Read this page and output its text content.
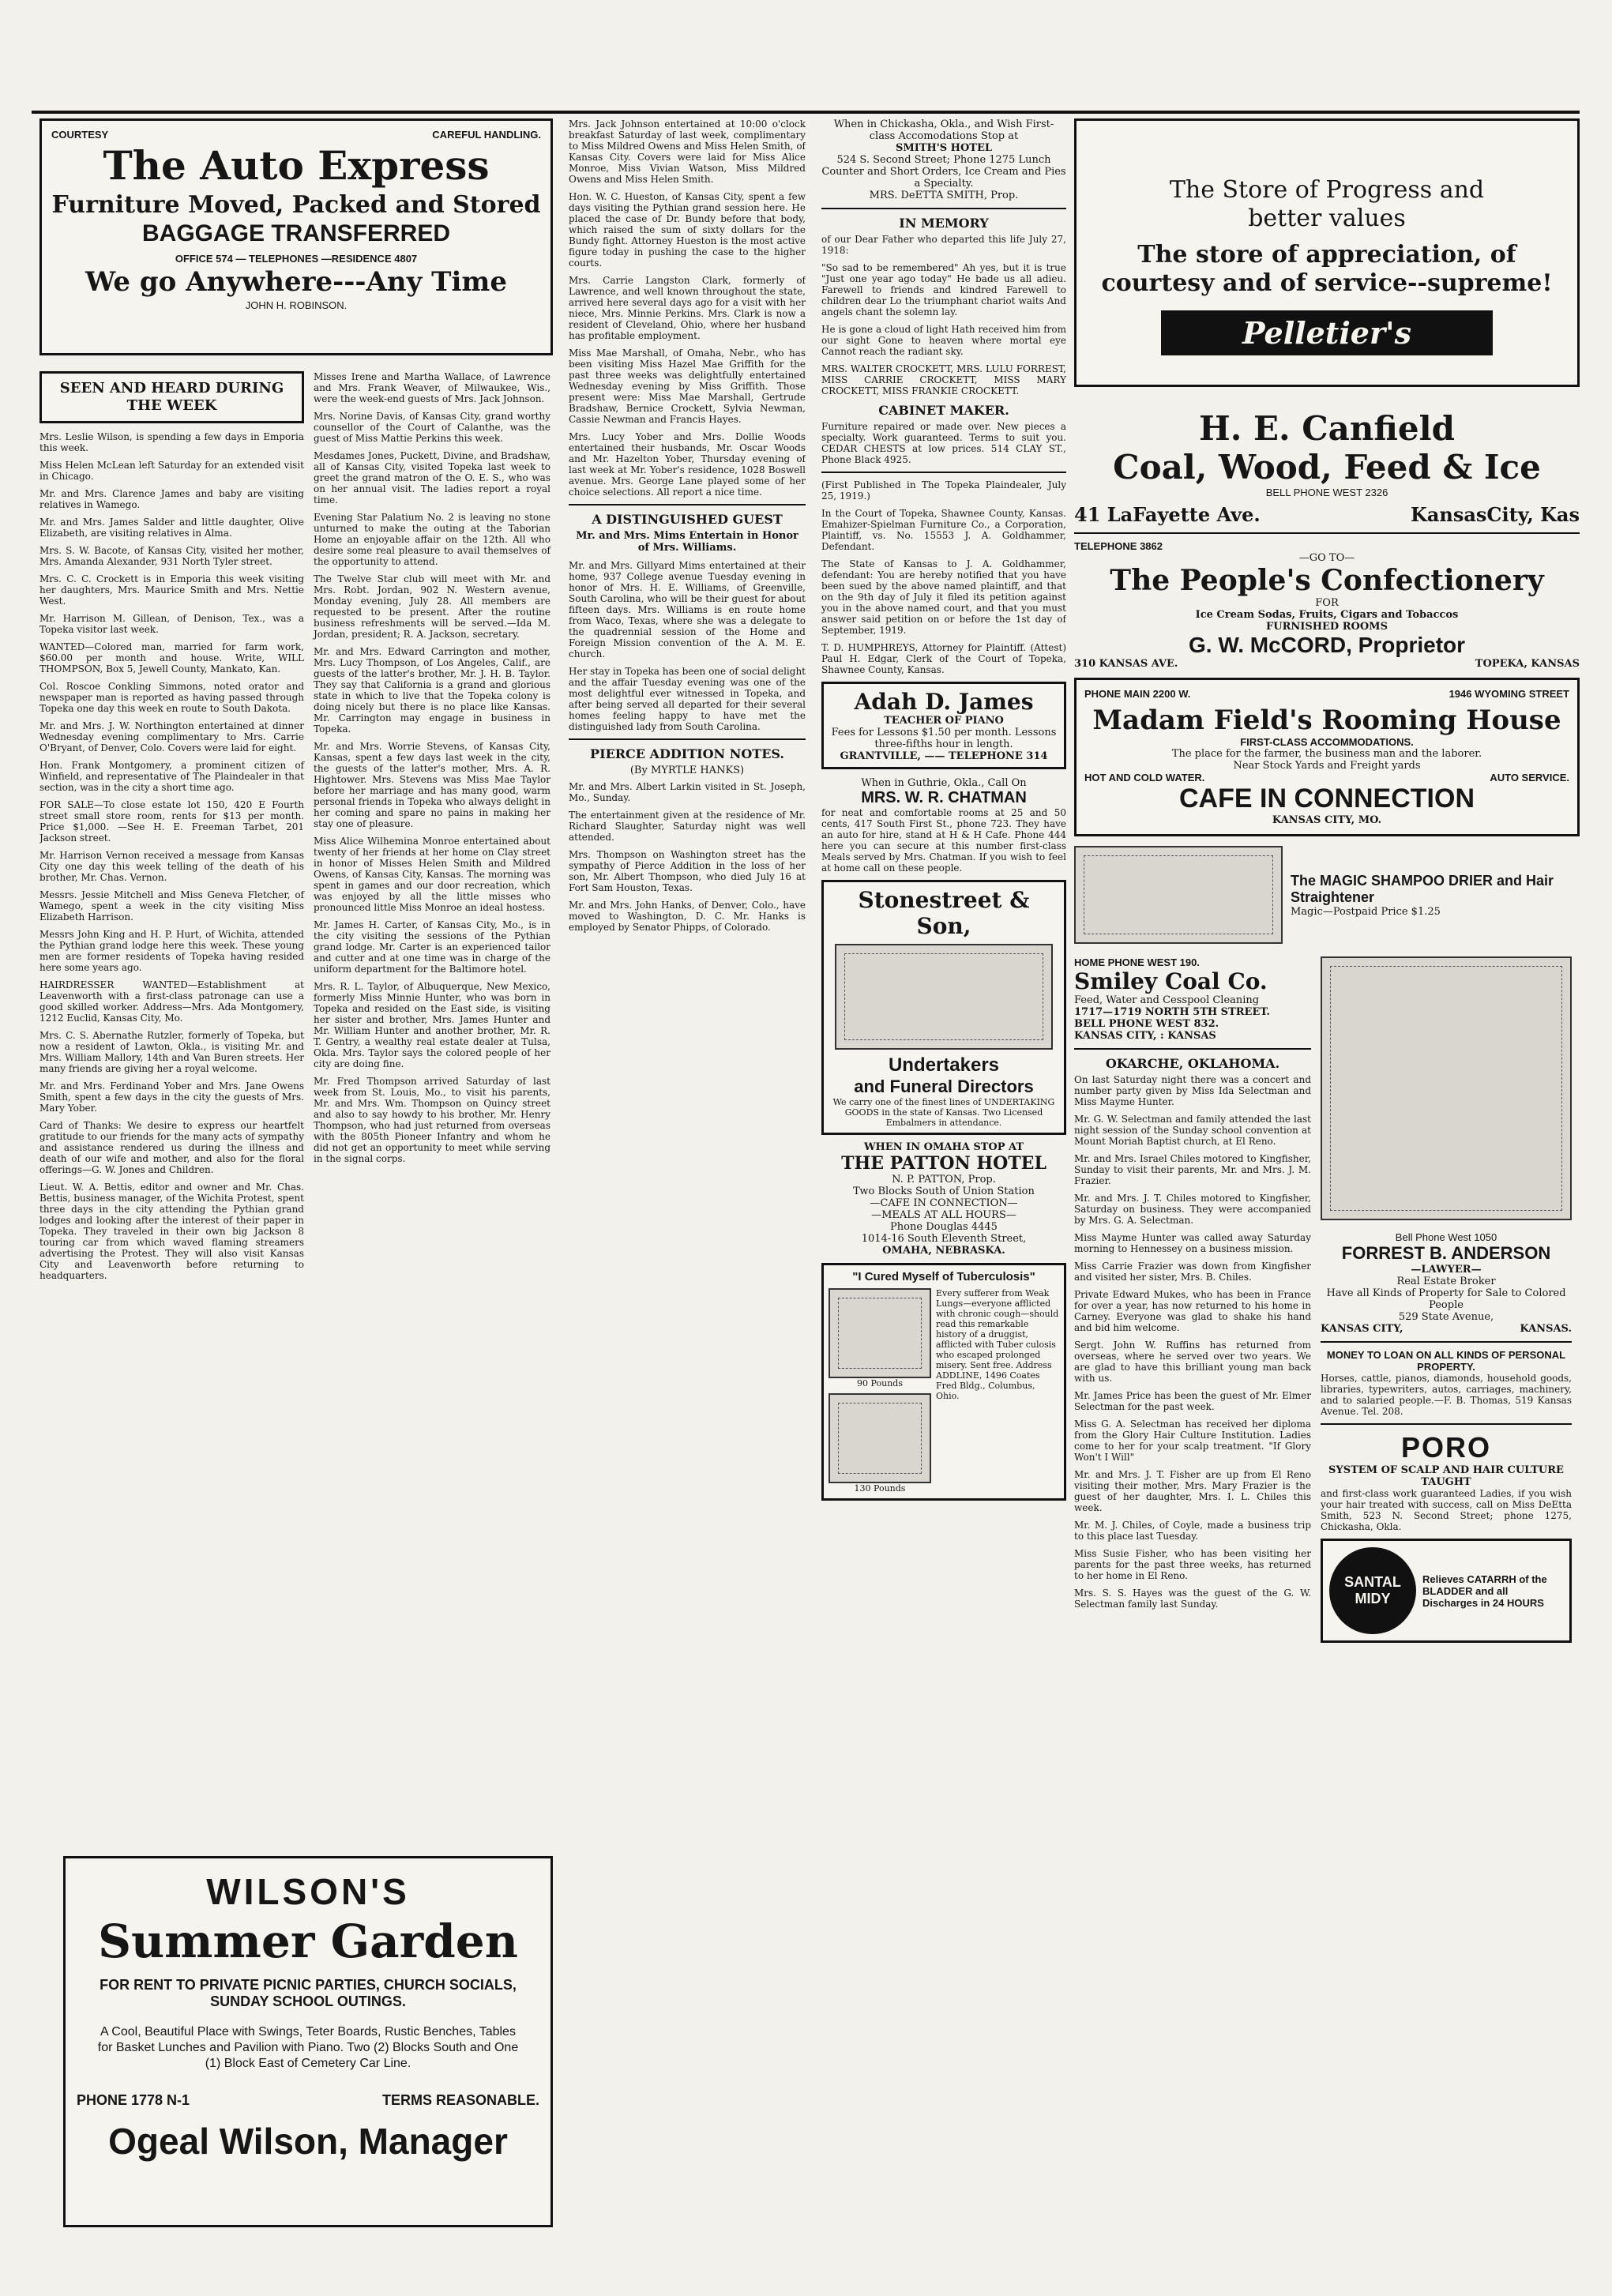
COURTESY	CAREFUL HANDLING.
The Auto Express
Furniture Moved, Packed and Stored
BAGGAGE TRANSFERRED
OFFICE 574 — TELEPHONES —RESIDENCE 4807
We go Anywhere---Any Time
JOHN H. ROBINSON.
SEEN AND HEARD DURING THE WEEK
Mrs. Leslie Wilson, is spending a few days in Emporia this week.
Miss Helen McLean left Saturday for an extended visit in Chicago.
Mr. and Mrs. Clarence James and baby are visiting relatives in Wamego.
Mr. and Mrs. James Salder and little daughter, Olive Elizabeth, are visiting relatives in Alma.
Mrs. S. W. Bacote, of Kansas City, visited her mother, Mrs. Amanda Alexander, 931 North Tyler street.
Mrs. C. C. Crockett is in Emporia this week visiting her daughters, Mrs. Maurice Smith and Mrs. Nettie West.
Mr. Harrison M. Gillean, of Denison, Tex., was a Topeka visitor last week.
WANTED—Colored man, married for farm work, $60.00 per month and house. Write, WILL THOMPSON, Box 5, Jewell County, Mankato, Kan.
Col. Roscoe Conkling Simmons, noted orator and newspaper man is reported as having passed through Topeka one day this week en route to South Dakota.
Mr. and Mrs. J. W. Northington entertained at dinner Wednesday evening complimentary to Mrs. Carrie O'Bryant, of Denver, Colo. Covers were laid for eight.
Hon. Frank Montgomery, a prominent citizen of Winfield, and representative of The Plaindealer in that section, was in the city a short time ago.
FOR SALE—To close estate lot 150, 420 E Fourth street small store room, rents for $13 per month. Price $1,000. —See H. E. Freeman Tarbet, 201 Jackson street.
Mr. Harrison Vernon received a message from Kansas City one day this week telling of the death of his brother, Mr. Chas. Vernon.
Messrs. Jessie Mitchell and Miss Geneva Fletcher, of Wamego, spent a week in the city visiting Miss Elizabeth Harrison.
Messrs John King and H. P. Hurt, of Wichita, attended the Pythian grand lodge here this week. These young men are former residents of Topeka having resided here some years ago.
HAIRDRESSER WANTED—Establishment at Leavenworth with a first-class patronage can use a good skilled worker. Address—Mrs. Ada Montgomery, 1212 Euclid, Kansas City, Mo.
Mrs. C. S. Abernathe Rutzler, formerly of Topeka, but now a resident of Lawton, Okla., is visiting Mr. and Mrs. William Mallory, 14th and Van Buren streets. Her many friends are giving her a royal welcome.
Mr. and Mrs. Ferdinand Yober and Mrs. Jane Owens Smith, spent a few days in the city the guests of Mrs. Mary Yober.
Card of Thanks: We desire to express our heartfelt gratitude to our friends for the many acts of sympathy and assistance rendered us during the illness and death of our wife and mother, and also for the floral offerings—G. W. Jones and Children.
Lieut. W. A. Bettis, editor and owner and Mr. Chas. Bettis, business manager, of the Wichita Protest, spent three days in the city attending the Pythian grand lodges and looking after the interest of their paper in Topeka. They traveled in their own big Jackson 8 touring car from which waved flaming streamers advertising the Protest. They will also visit Kansas City and Leavenworth before returning to headquarters.
Misses Irene and Martha Wallace, of Lawrence and Mrs. Frank Weaver, of Milwaukee, Wis., were the week-end guests of Mrs. Jack Johnson.
Mrs. Norine Davis, of Kansas City, grand worthy counsellor of the Court of Calanthe, was the guest of Miss Mattie Perkins this week.
Mesdames Jones, Puckett, Divine, and Bradshaw, all of Kansas City, visited Topeka last week to greet the grand matron of the O. E. S., who was on her annual visit. The ladies report a royal time.
Evening Star Palatium No. 2 is leaving no stone unturned to make the outing at the Taborian Home an enjoyable affair on the 12th. All who desire some real pleasure to avail themselves of the opportunity to attend.
The Twelve Star club will meet with Mr. and Mrs. Robt. Jordan, 902 N. Western avenue, Monday evening, July 28. All members are requested to be present. After the routine business refreshments will be served.—Ida M. Jordan, president; R. A. Jackson, secretary.
Mr. and Mrs. Edward Carrington and mother, Mrs. Lucy Thompson, of Los Angeles, Calif., are guests of the latter's brother, Mr. J. H. B. Taylor. They say that California is a grand and glorious state in which to live that the Topeka colony is doing nicely but there is no place like Kansas. Mr. Carrington may engage in business in Topeka.
Mr. and Mrs. Worrie Stevens, of Kansas City, Kansas, spent a few days last week in the city, the guests of the latter's mother, Mrs. A. R. Hightower. Mrs. Stevens was Miss Mae Taylor before her marriage and has many good, warm personal friends in Topeka who always delight in her coming and spare no pains in making her stay one of pleasure.
Miss Alice Wilhemina Monroe entertained about twenty of her friends at her home on Clay street in honor of Misses Helen Smith and Mildred Owens, of Kansas City, Kansas. The morning was spent in games and our door recreation, which was enjoyed by all the little misses who pronounced little Miss Monroe an ideal hostess.
Mr. James H. Carter, of Kansas City, Mo., is in the city visiting the sessions of the Pythian grand lodge. Mr. Carter is an experienced tailor and cutter and at one time was in charge of the uniform department for the Baltimore hotel.
Mrs. R. L. Taylor, of Albuquerque, New Mexico, formerly Miss Minnie Hunter, who was born in Topeka and resided on the East side, is visiting her sister and brother, Mrs. James Hunter and Mr. William Hunter and another brother, Mr. R. T. Gentry, a wealthy real estate dealer at Tulsa, Okla. Mrs. Taylor says the colored people of her city are doing fine.
Mr. Fred Thompson arrived Saturday of last week from St. Louis, Mo., to visit his parents, Mr. and Mrs. Wm. Thompson on Quincy street and also to say howdy to his brother, Mr. Henry Thompson, who had just returned from overseas with the 805th Pioneer Infantry and whom he did not get an opportunity to meet while serving in the signal corps.
WILSON'S
Summer Garden
FOR RENT TO PRIVATE PICNIC PARTIES, CHURCH SOCIALS, SUNDAY SCHOOL OUTINGS.
A Cool, Beautiful Place with Swings, Teter Boards, Rustic Benches, Tables for Basket Lunches and Pavilion with Piano. Two (2) Blocks South and One (1) Block East of Cemetery Car Line.
PHONE 1778 N-1	TERMS REASONABLE.
Ogeal Wilson, Manager
Mrs. Jack Johnson entertained at 10:00 o'clock breakfast Saturday of last week, complimentary to Miss Mildred Owens and Miss Helen Smith, of Kansas City. Covers were laid for Miss Alice Monroe, Miss Vivian Watson, Miss Mildred Owens and Miss Helen Smith.
Hon. W. C. Hueston, of Kansas City, spent a few days visiting the Pythian grand session here. He placed the case of Dr. Bundy before that body, which raised the sum of sixty dollars for the Bundy fight. Attorney Hueston is the most active figure today in pushing the case to the higher courts.
Mrs. Carrie Langston Clark, formerly of Lawrence, and well known throughout the state, arrived here several days ago for a visit with her niece, Mrs. Minnie Perkins. Mrs. Clark is now a resident of Cleveland, Ohio, where her husband has profitable employment.
Miss Mae Marshall, of Omaha, Nebr., who has been visiting Miss Hazel Mae Griffith for the past three weeks was delightfully entertained Wednesday evening by Miss Griffith. Those present were: Miss Mae Marshall, Gertrude Bradshaw, Bernice Crockett, Sylvia Newman, Cassie Newman and Francis Hayes.
Mrs. Lucy Yober and Mrs. Dollie Woods entertained their husbands, Mr. Oscar Woods and Mr. Hazelton Yober, Thursday evening of last week at Mr. Yober's residence, 1028 Boswell avenue. Mrs. George Lane played some of her choice selections. All report a nice time.
A DISTINGUISHED GUEST
Mr. and Mrs. Mims Entertain in Honor of Mrs. Williams.
Mr. and Mrs. Gillyard Mims entertained at their home, 937 College avenue Tuesday evening in honor of Mrs. H. E. Williams, of Greenville, South Carolina, who will be their guest for about fifteen days. Mrs. Williams is en route home from Waco, Texas, where she was a delegate to the quadrennial session of the Home and Foreign Mission convention of the A. M. E. church.
Her stay in Topeka has been one of social delight and the affair Tuesday evening was one of the most delightful ever witnessed in Topeka, and after being served all departed for their several homes feeling happy to have met the distinguished lady from South Carolina.
PIERCE ADDITION NOTES.
(By MYRTLE HANKS)
Mr. and Mrs. Albert Larkin visited in St. Joseph, Mo., Sunday.
The entertainment given at the residence of Mr. Richard Slaughter, Saturday night was well attended.
Mrs. Thompson on Washington street has the sympathy of Pierce Addition in the loss of her son, Mr. Albert Thompson, who died July 16 at Fort Sam Houston, Texas.
Mr. and Mrs. John Hanks, of Denver, Colo., have moved to Washington, D. C. Mr. Hanks is employed by Senator Phipps, of Colorado.
When in Chickasha, Okla., and Wish First-class Accomodations Stop at
SMITH'S HOTEL
524 S. Second Street; Phone 1275 Lunch Counter and Short Orders, Ice Cream and Pies a Specialty.
MRS. DeETTA SMITH, Prop.
IN MEMORY
of our Dear Father who departed this life July 27, 1918:
"So sad to be remembered" Ah yes, but it is true "Just one year ago today" He bade us all adieu. Farewell to friends and kindred Farewell to children dear Lo the triumphant chariot waits And angels chant the solemn lay.
He is gone a cloud of light Hath received him from our sight Gone to heaven where mortal eye Cannot reach the radiant sky.
MRS. WALTER CROCKETT, MRS. LULU FORREST, MISS CARRIE CROCKETT, MISS MARY CROCKETT, MISS FRANKIE CROCKETT.
CABINET MAKER.
Furniture repaired or made over. New pieces a specialty. Work guaranteed. Terms to suit you. CEDAR CHESTS at low prices. 514 CLAY ST., Phone Black 4925.
(First Published in The Topeka Plaindealer, July 25, 1919.)
In the Court of Topeka, Shawnee County, Kansas. Emahizer-Spielman Furniture Co., a Corporation, Plaintiff, vs. No. 15553 J. A. Goldhammer, Defendant.
The State of Kansas to J. A. Goldhammer, defendant: You are hereby notified that you have been sued by the above named plaintiff, and that on the 9th day of July it filed its petition against you in the above named court, and that you must answer said petition on or before the 1st day of September, 1919.
T. D. HUMPHREYS, Attorney for Plaintiff. (Attest) Paul H. Edgar, Clerk of the Court of Topeka, Shawnee County, Kansas.
Adah D. James
TEACHER OF PIANO
Fees for Lessons $1.50 per month. Lessons three-fifths hour in length.
GRANTVILLE, —— TELEPHONE 314
When in Guthrie, Okla., Call On
MRS. W. R. CHATMAN
for neat and comfortable rooms at 25 and 50 cents, 417 South First St., phone 723. They have an auto for hire, stand at H & H Cafe. Phone 444 here you can secure at this number first-class Meals served by Mrs. Chatman. If you wish to feel at home call on these people.
Stonestreet & Son,
Undertakers
and Funeral Directors
We carry one of the finest lines of UNDERTAKING GOODS in the state of Kansas. Two Licensed Embalmers in attendance.
WHEN IN OMAHA STOP AT
THE PATTON HOTEL
N. P. PATTON, Prop.
Two Blocks South of Union Station
—CAFE IN CONNECTION—
—MEALS AT ALL HOURS—
Phone Douglas 4445
1014-16 South Eleventh Street,
OMAHA, NEBRASKA.
"I Cured Myself of Tuberculosis"
90 Pounds
130 Pounds
Every sufferer from Weak Lungs—everyone afflicted with chronic cough—should read this remarkable history of a druggist, afflicted with Tuber culosis who escaped prolonged misery. Sent free. Address ADDLINE, 1496 Coates Fred Bldg., Columbus, Ohio.
The Store of Progress and
better values
The store of appreciation, of courtesy and of service--supreme!
Pelletier's
H. E. Canfield
Coal, Wood, Feed & Ice
BELL PHONE WEST 2326
41 LaFayette Ave.	KansasCity, Kas
TELEPHONE 3862
—GO TO—
The People's Confectionery
FOR
Ice Cream Sodas, Fruits, Cigars and Tobaccos
FURNISHED ROOMS
G. W. McCORD, Proprietor
310 KANSAS AVE.	TOPEKA, KANSAS
PHONE MAIN 2200 W.	1946 WYOMING STREET
Madam Field's Rooming House
FIRST-CLASS ACCOMMODATIONS.
The place for the farmer, the business man and the laborer.
Near Stock Yards and Freight yards
HOT AND COLD WATER.	AUTO SERVICE.
CAFE IN CONNECTION
KANSAS CITY, MO.
The MAGIC SHAMPOO DRIER and Hair Straightener
Magic—Postpaid Price $1.25
HOME PHONE WEST 190.
Smiley Coal Co.
Feed, Water and Cesspool Cleaning
1717—1719 NORTH 5TH STREET.
BELL PHONE WEST 832.
KANSAS CITY, : KANSAS
OKARCHE, OKLAHOMA.
On last Saturday night there was a concert and number party given by Miss Ida Selectman and Miss Mayme Hunter.
Mr. G. W. Selectman and family attended the last night session of the Sunday school convention at Mount Moriah Baptist church, at El Reno.
Mr. and Mrs. Israel Chiles motored to Kingfisher, Sunday to visit their parents, Mr. and Mrs. J. M. Frazier.
Mr. and Mrs. J. T. Chiles motored to Kingfisher, Saturday on business. They were accompanied by Mrs. G. A. Selectman.
Miss Mayme Hunter was called away Saturday morning to Hennessey on a business mission.
Miss Carrie Frazier was down from Kingfisher and visited her sister, Mrs. B. Chiles.
Private Edward Mukes, who has been in France for over a year, has now returned to his home in Carney. Everyone was glad to shake his hand and bid him welcome.
Sergt. John W. Ruffins has returned from overseas, where he served over two years. We are glad to have this brilliant young man back with us.
Mr. James Price has been the guest of Mr. Elmer Selectman for the past week.
Miss G. A. Selectman has received her diploma from the Glory Hair Culture Institution. Ladies come to her for your scalp treatment. "If Glory Won't I Will"
Mr. and Mrs. J. T. Fisher are up from El Reno visiting their mother, Mrs. Mary Frazier is the guest of her daughter, Mrs. I. L. Chiles this week.
Mr. M. J. Chiles, of Coyle, made a business trip to this place last Tuesday.
Miss Susie Fisher, who has been visiting her parents for the past three weeks, has returned to her home in El Reno.
Mrs. S. S. Hayes was the guest of the G. W. Selectman family last Sunday.
Bell Phone West 1050
FORREST B. ANDERSON
—LAWYER—
Real Estate Broker
Have all Kinds of Property for Sale to Colored People
529 State Avenue,
KANSAS CITY,	KANSAS.
MONEY TO LOAN ON ALL KINDS OF PERSONAL PROPERTY.
Horses, cattle, pianos, diamonds, household goods, libraries, typewriters, autos, carriages, machinery, and to salaried people.—F. B. Thomas, 519 Kansas Avenue. Tel. 208.
PORO
SYSTEM OF SCALP AND HAIR CULTURE TAUGHT
and first-class work guaranteed Ladies, if you wish your hair treated with success, call on Miss DeEtta Smith, 523 N. Second Street; phone 1275, Chickasha, Okla.
SANTAL MIDY
Relieves CATARRH of the BLADDER and all Discharges in 24 HOURS
